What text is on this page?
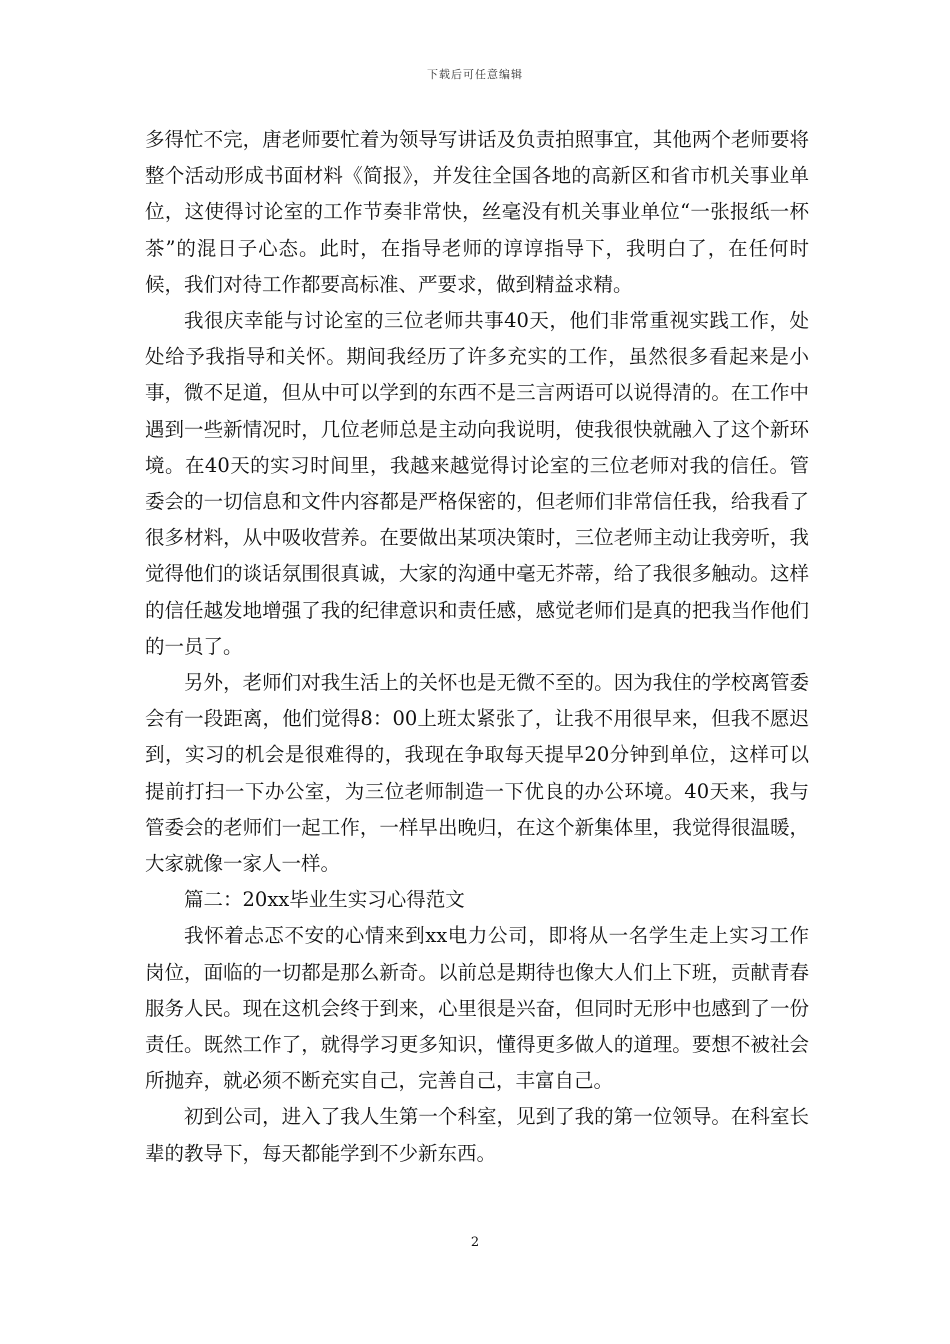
下载后可任意编辑

多得忙不完，唐老师要忙着为领导写讲话及负责拍照事宜，其他两个老师要将整个活动形成书面材料《简报》，并发往全国各地的高新区和省市机关事业单位，这使得讨论室的工作节奏非常快，丝毫没有机关事业单位“一张报纸一杯茶”的混日子心态。此时，在指导老师的谆谆指导下，我明白了，在任何时候，我们对待工作都要高标准、严要求，做到精益求精。

我很庆幸能与讨论室的三位老师共事40天，他们非常重视实践工作，处处给予我指导和关怀。期间我经历了许多充实的工作，虽然很多看起来是小事，微不足道，但从中可以学到的东西不是三言两语可以说得清的。在工作中遇到一些新情况时，几位老师总是主动向我说明，使我很快就融入了这个新环境。在40天的实习时间里，我越来越觉得讨论室的三位老师对我的信任。管委会的一切信息和文件内容都是严格保密的，但老师们非常信任我，给我看了很多材料，从中吸收营养。在要做出某项决策时，三位老师主动让我旁听，我觉得他们的谈话氛围很真诚，大家的沟通中毫无芥蒂，给了我很多触动。这样的信任越发地增强了我的纪律意识和责任感，感觉老师们是真的把我当作他们的一员了。

另外，老师们对我生活上的关怀也是无微不至的。因为我住的学校离管委会有一段距离，他们觉得8：00上班太紧张了，让我不用很早来，但我不愿迟到，实习的机会是很难得的，我现在争取每天提早20分钟到单位，这样可以提前打扫一下办公室，为三位老师制造一下优良的办公环境。40天来，我与管委会的老师们一起工作，一样早出晚归，在这个新集体里，我觉得很温暖，大家就像一家人一样。

篇二：20xx毕业生实习心得范文

我怀着忐忑不安的心情来到xx电力公司，即将从一名学生走上实习工作岗位，面临的一切都是那么新奇。以前总是期待也像大人们上下班，贡献青春服务人民。现在这机会终于到来，心里很是兴奋，但同时无形中也感到了一份责任。既然工作了，就得学习更多知识，懂得更多做人的道理。要想不被社会所抛弃，就必须不断充实自己，完善自己，丰富自己。

初到公司，进入了我人生第一个科室，见到了我的第一位领导。在科室长辈的教导下，每天都能学到不少新东西。

2
